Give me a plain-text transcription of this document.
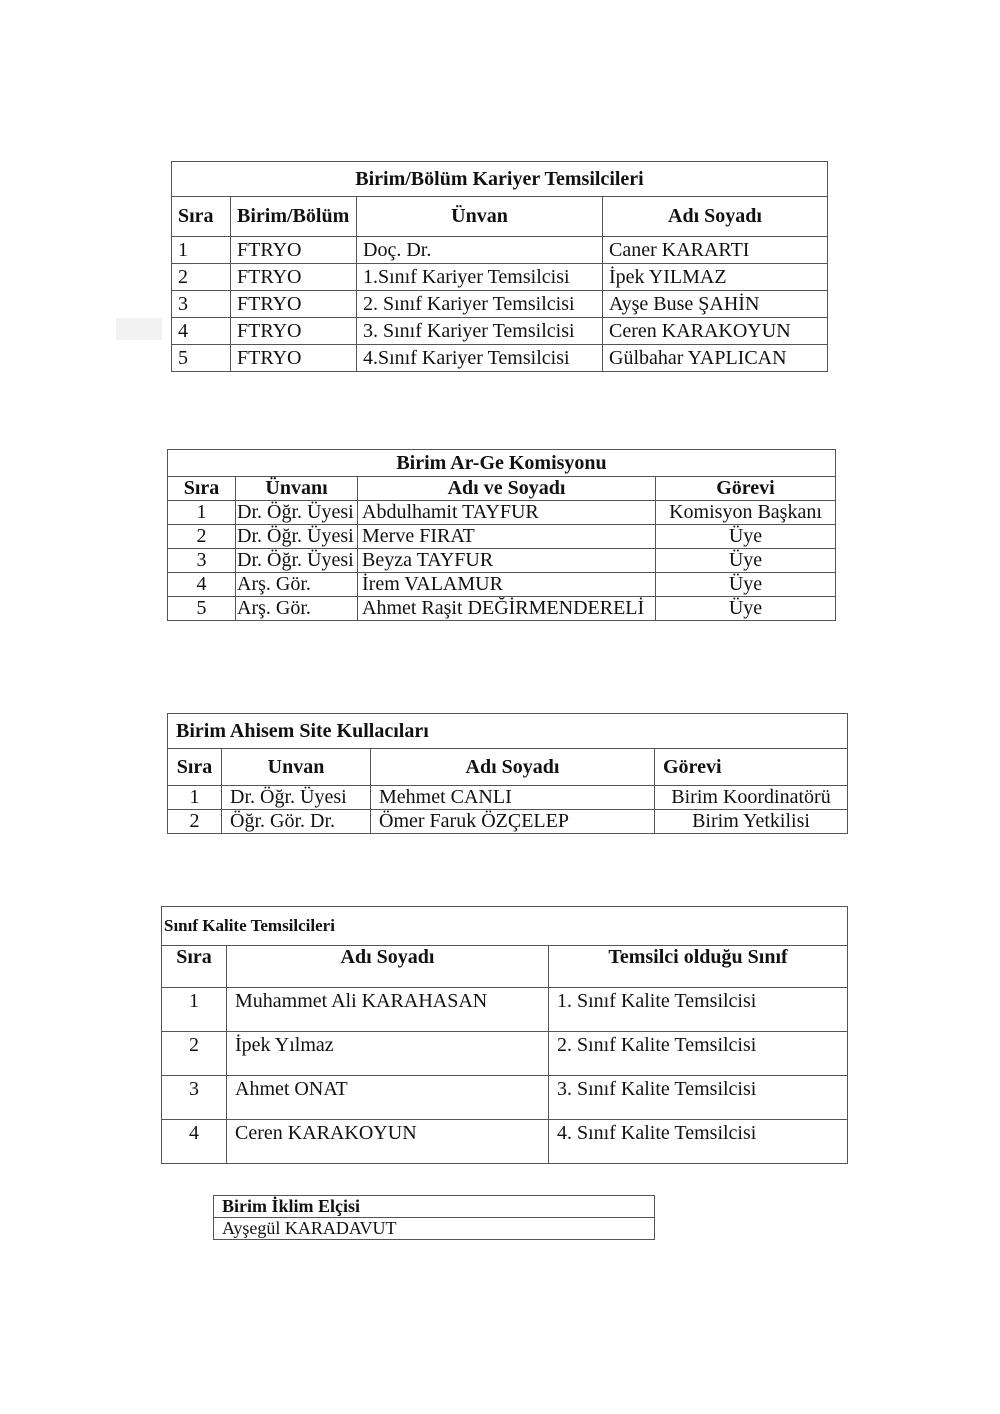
Birim/Bölüm Kariyer Temsilcileri			
Sıra	Birim/Bölüm	Ünvan	Adı Soyadı
1	FTRYO	Doç. Dr.	Caner KARARTI
2	FTRYO	1.Sınıf Kariyer Temsilcisi	İpek YILMAZ
3	FTRYO	2. Sınıf Kariyer Temsilcisi	Ayşe Buse ŞAHİN
4	FTRYO	3. Sınıf Kariyer Temsilcisi	Ceren KARAKOYUN
5	FTRYO	4.Sınıf Kariyer Temsilcisi	Gülbahar YAPLICAN
Birim Ar-Ge Komisyonu			
Sıra	Ünvanı	Adı ve Soyadı	Görevi
1	Dr. Öğr. Üyesi	Abdulhamit TAYFUR	Komisyon Başkanı
2	Dr. Öğr. Üyesi	Merve FIRAT	Üye
3	Dr. Öğr. Üyesi	Beyza TAYFUR	Üye
4	Arş. Gör.	İrem VALAMUR	Üye
5	Arş. Gör.	Ahmet Raşit DEĞİRMENDERELİ	Üye
Birim Ahisem Site Kullacıları			
Sıra	Unvan	Adı Soyadı	Görevi
1	Dr. Öğr. Üyesi	Mehmet CANLI	Birim Koordinatörü
2	Öğr. Gör. Dr.	Ömer Faruk ÖZÇELEP	Birim Yetkilisi
Sınıf Kalite Temsilcileri		
Sıra	Adı Soyadı	Temsilci olduğu Sınıf
1	Muhammet Ali KARAHASAN	1. Sınıf Kalite Temsilcisi
2	İpek Yılmaz	2. Sınıf Kalite Temsilcisi
3	Ahmet ONAT	3. Sınıf Kalite Temsilcisi
4	Ceren KARAKOYUN	4. Sınıf Kalite Temsilcisi
Birim İklim Elçisi
Ayşegül KARADAVUT
